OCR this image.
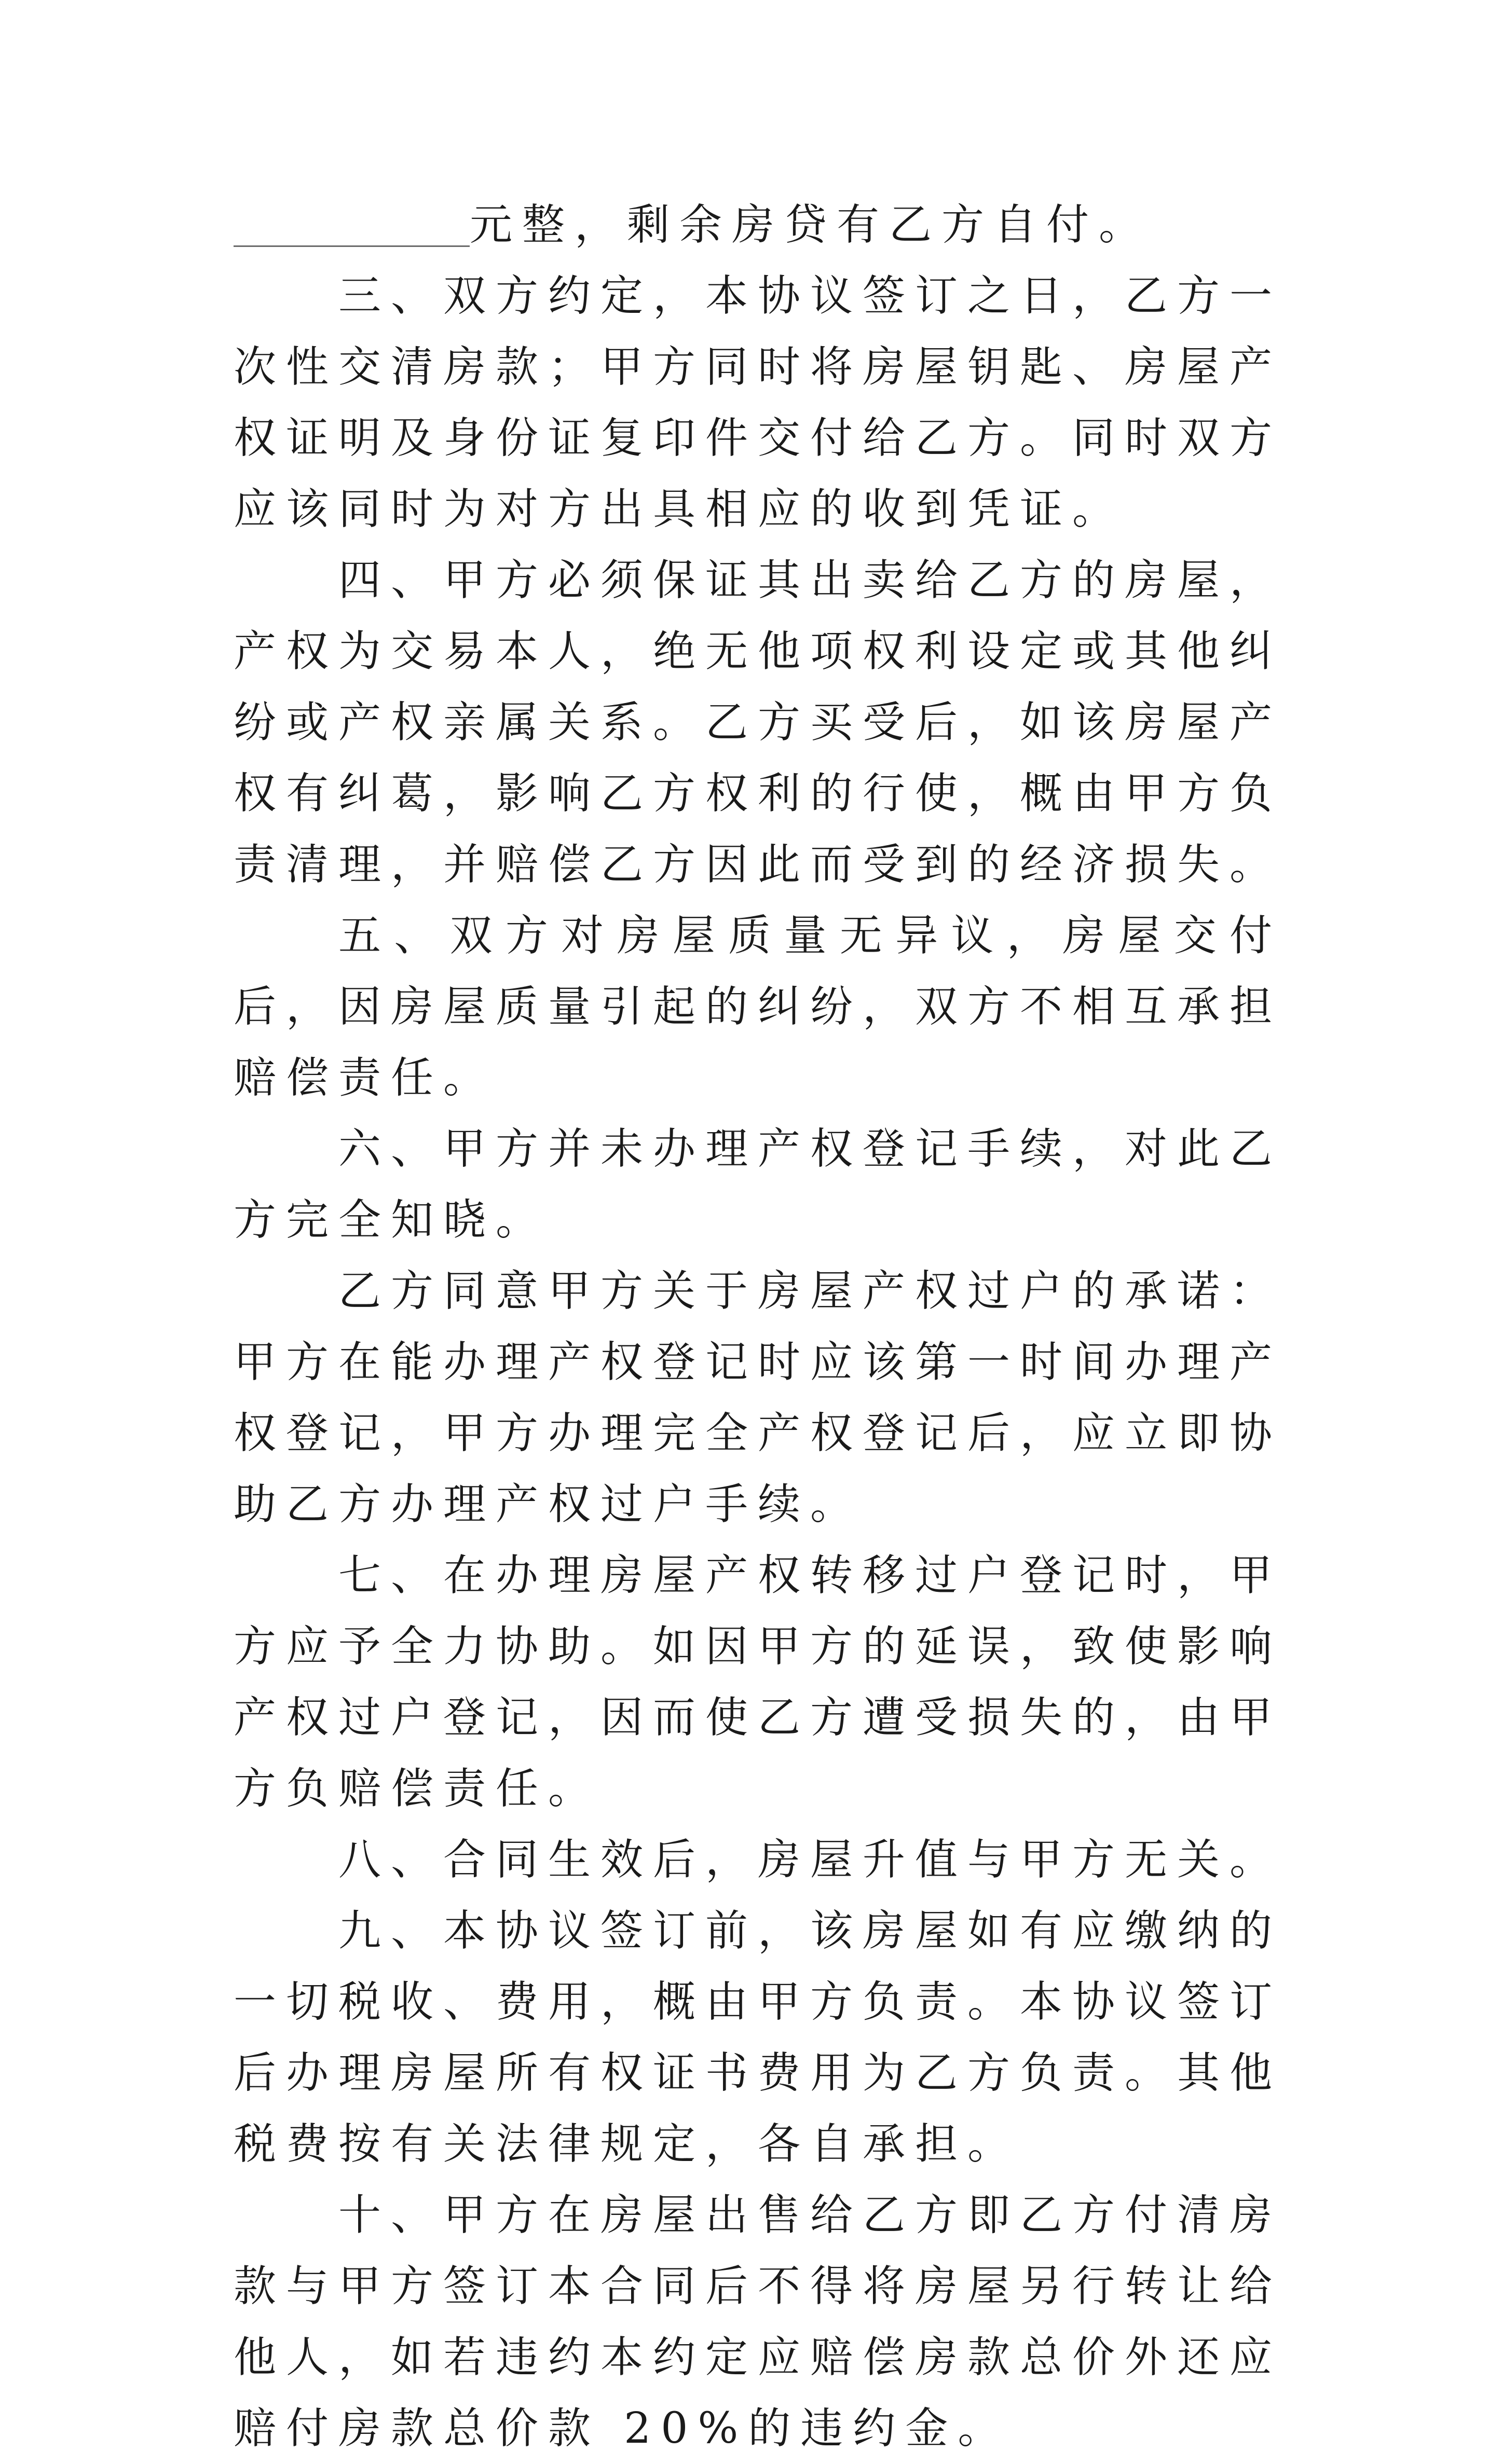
元整，剩余房贷有乙方自付。

三、双方约定，本协议签订之日，乙方一次性交清房款；甲方同时将房屋钥匙、房屋产权证明及身份证复印件交付给乙方。同时双方应该同时为对方出具相应的收到凭证。

四、甲方必须保证其出卖给乙方的房屋，产权为交易本人，绝无他项权利设定或其他纠纷或产权亲属关系。乙方买受后，如该房屋产权有纠葛，影响乙方权利的行使，概由甲方负责清理，并赔偿乙方因此而受到的经济损失。

五、双方对房屋质量无异议，房屋交付后，因房屋质量引起的纠纷，双方不相互承担赔偿责任。

六、甲方并未办理产权登记手续，对此乙方完全知晓。

乙方同意甲方关于房屋产权过户的承诺：甲方在能办理产权登记时应该第一时间办理产权登记，甲方办理完全产权登记后，应立即协助乙方办理产权过户手续。

七、在办理房屋产权转移过户登记时，甲方应予全力协助。如因甲方的延误，致使影响产权过户登记，因而使乙方遭受损失的，由甲方负赔偿责任。

八、合同生效后，房屋升值与甲方无关。

九、本协议签订前，该房屋如有应缴纳的一切税收、费用，概由甲方负责。本协议签订后办理房屋所有权证书费用为乙方负责。其他税费按有关法律规定，各自承担。

十、甲方在房屋出售给乙方即乙方付清房款与甲方签订本合同后不得将房屋另行转让给他人，如若违约本约定应赔偿房款总价外还应赔付房款总价款 20%的违约金。
